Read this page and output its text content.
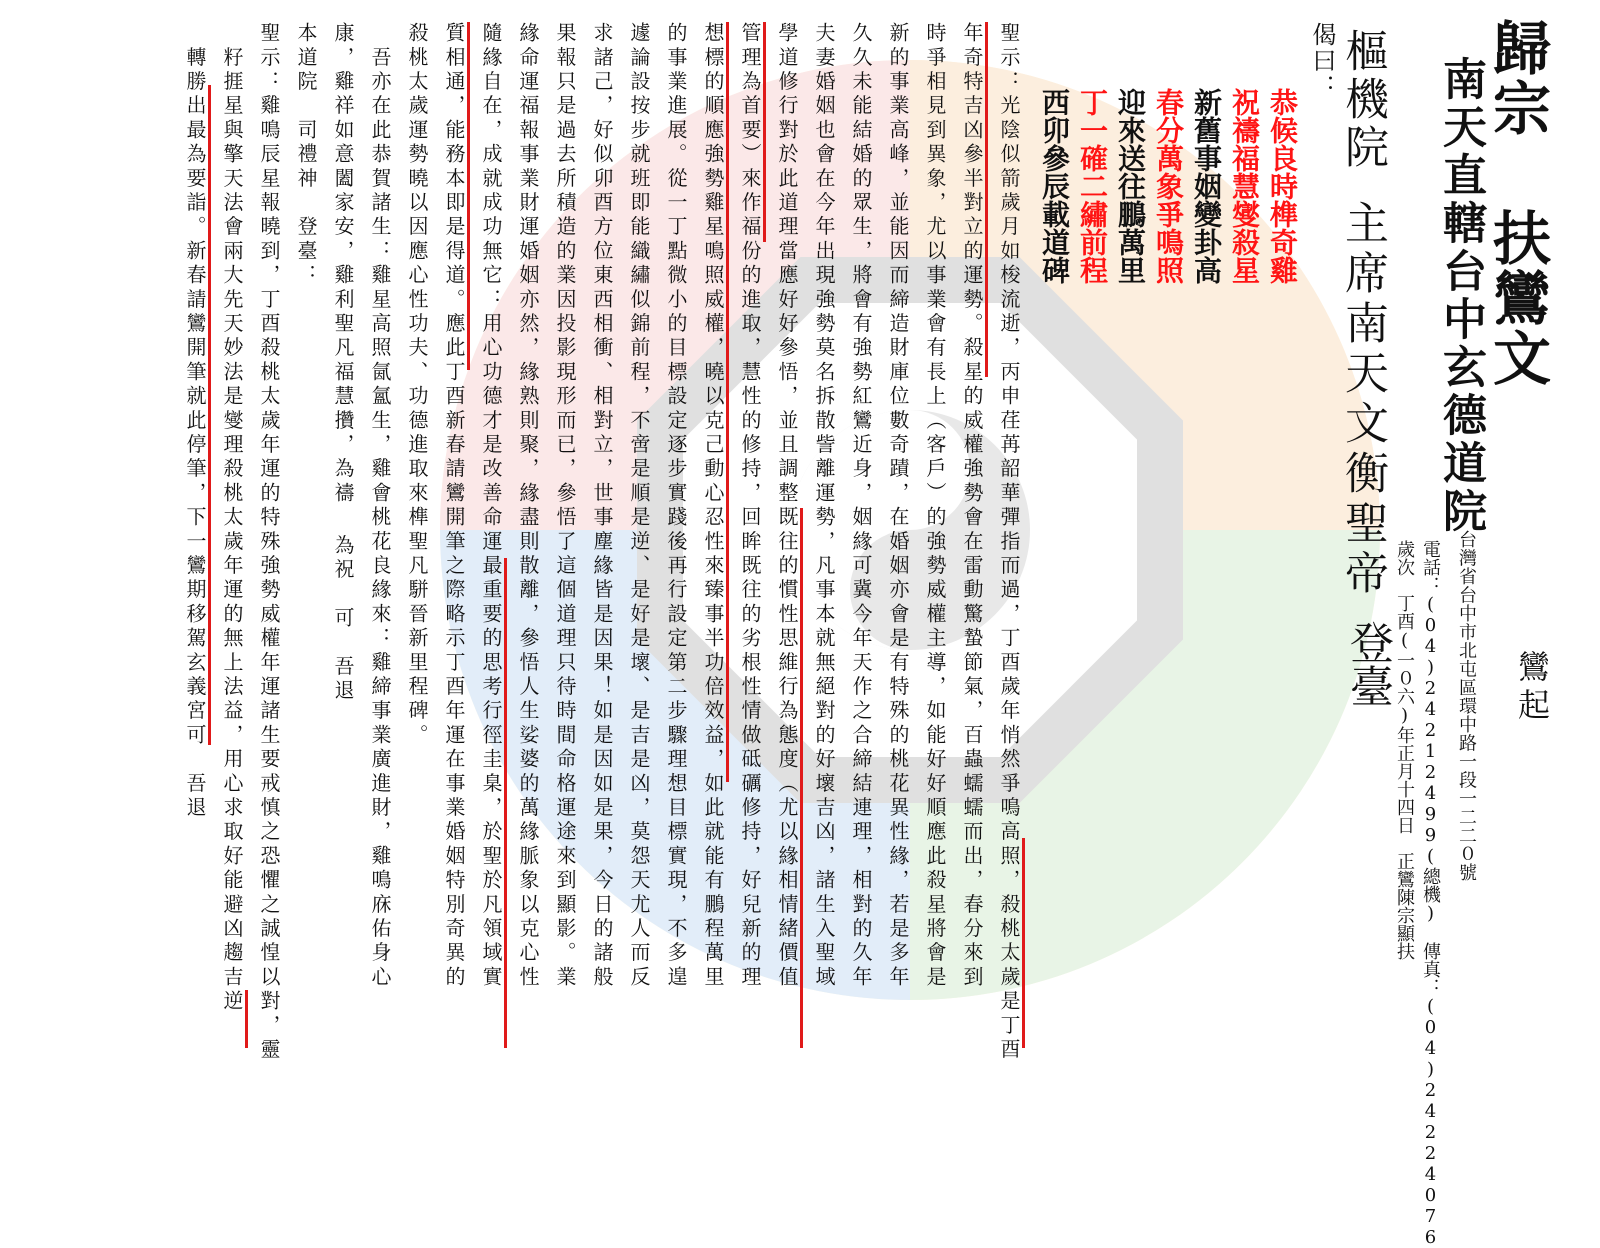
歸宗 扶鸞文
南天直轄台中玄德道院
台灣省台中市北屯區環中路一段一二二０號
電話：(04)24212499(總機)　傳真：(04)24224076
歲次　丁酉(一０六)年正月十四日　正鸞陳宗顯扶	鸞起
樞機院
主席南天文衡聖帝
登臺
偈曰：
恭候良時榫奇雞
祝禱福慧燮殺星
新舊事姻變卦高
春分萬象爭鳴照
迎來送往鵬萬里
丁一確二繡前程
西卯參辰載道碑
聖示：光陰似箭歲月如梭流逝，丙申荏苒韶華彈指而過，丁酉歲年悄然爭鳴高照，殺桃太歲是丁酉
年奇特吉凶參半對立的運勢。殺星的威權強勢會在雷動驚蟄節氣，百蟲蠕蠕而出，春分來到
時爭相見到異象，尤以事業會有長上（客戶）的強勢威權主導，如能好好順應此殺星將會是
新的事業高峰，並能因而締造財庫位數奇蹟，在婚姻亦會是有特殊的桃花異性緣，若是多年
久久未能結婚的眾生，將會有強勢紅鸞近身，姻緣可冀今年天作之合締結連理，相對的久年
夫妻婚姻也會在今年出現強勢莫名拆散訾離運勢，凡事本就無絕對的好壞吉凶，諸生入聖域
學道修行對於此道理當應好好參悟，並且調整既往的慣性思維行為態度（尤以緣相情緒價值
管理為首要）來作福份的進取，慧性的修持，回眸既往的劣根性情做砥礪修持，好兒新的理
想標的順應強勢雞星鳴照威權，曉以克己動心忍性來臻事半功倍效益，如此就能有鵬程萬里
的事業進展。從一丁點微小的目標設定逐步實踐後再行設定第二步驟理想目標實現，不多遑
遽論設按步就班即能織繡似錦前程，不啻是順是逆、是好是壞、是吉是凶，莫怨天尤人而反
求諸己，好似卯酉方位東西相衝、相對立，世事塵緣皆是因果！如是因如是果，今日的諸般
果報只是過去所積造的業因投影現形而已，參悟了這個道理只待時間命格運途來到顯影。業
緣命運福報事業財運婚姻亦然，緣熟則聚，緣盡則散離，參悟人生娑婆的萬緣脈象以克心性
隨緣自在，成就成功無它：用心功德才是改善命運最重要的思考行徑圭臬，於聖於凡領域實
質相通，能務本即是得道。應此丁酉新春請鸞開筆之際略示丁酉年運在事業婚姻特別奇異的
殺桃太歲運勢曉以因應心性功夫、功德進取來榫聖凡駢晉新里程碑。
　吾亦在此恭賀諸生：雞星高照氤氳生，雞會桃花良緣來：雞締事業廣進財，雞鳴庥佑身心
康，雞祥如意闔家安，雞利聖凡福慧攢，為禱 為祝　可　吾退
本道院　司禮神　登臺：
聖示：雞鳴辰星報曉到，丁酉殺桃太歲年運的特殊強勢威權年運諸生要戒慎之恐懼之誠惶以對，靈
　籽捱星與擎天法會兩大先天妙法是燮理殺桃太歲年運的無上法益，用心求取好能避凶趨吉逆
　轉勝出最為要詣。新春請鸞開筆就此停筆，下一鸞期移駕玄義宮可　吾退
